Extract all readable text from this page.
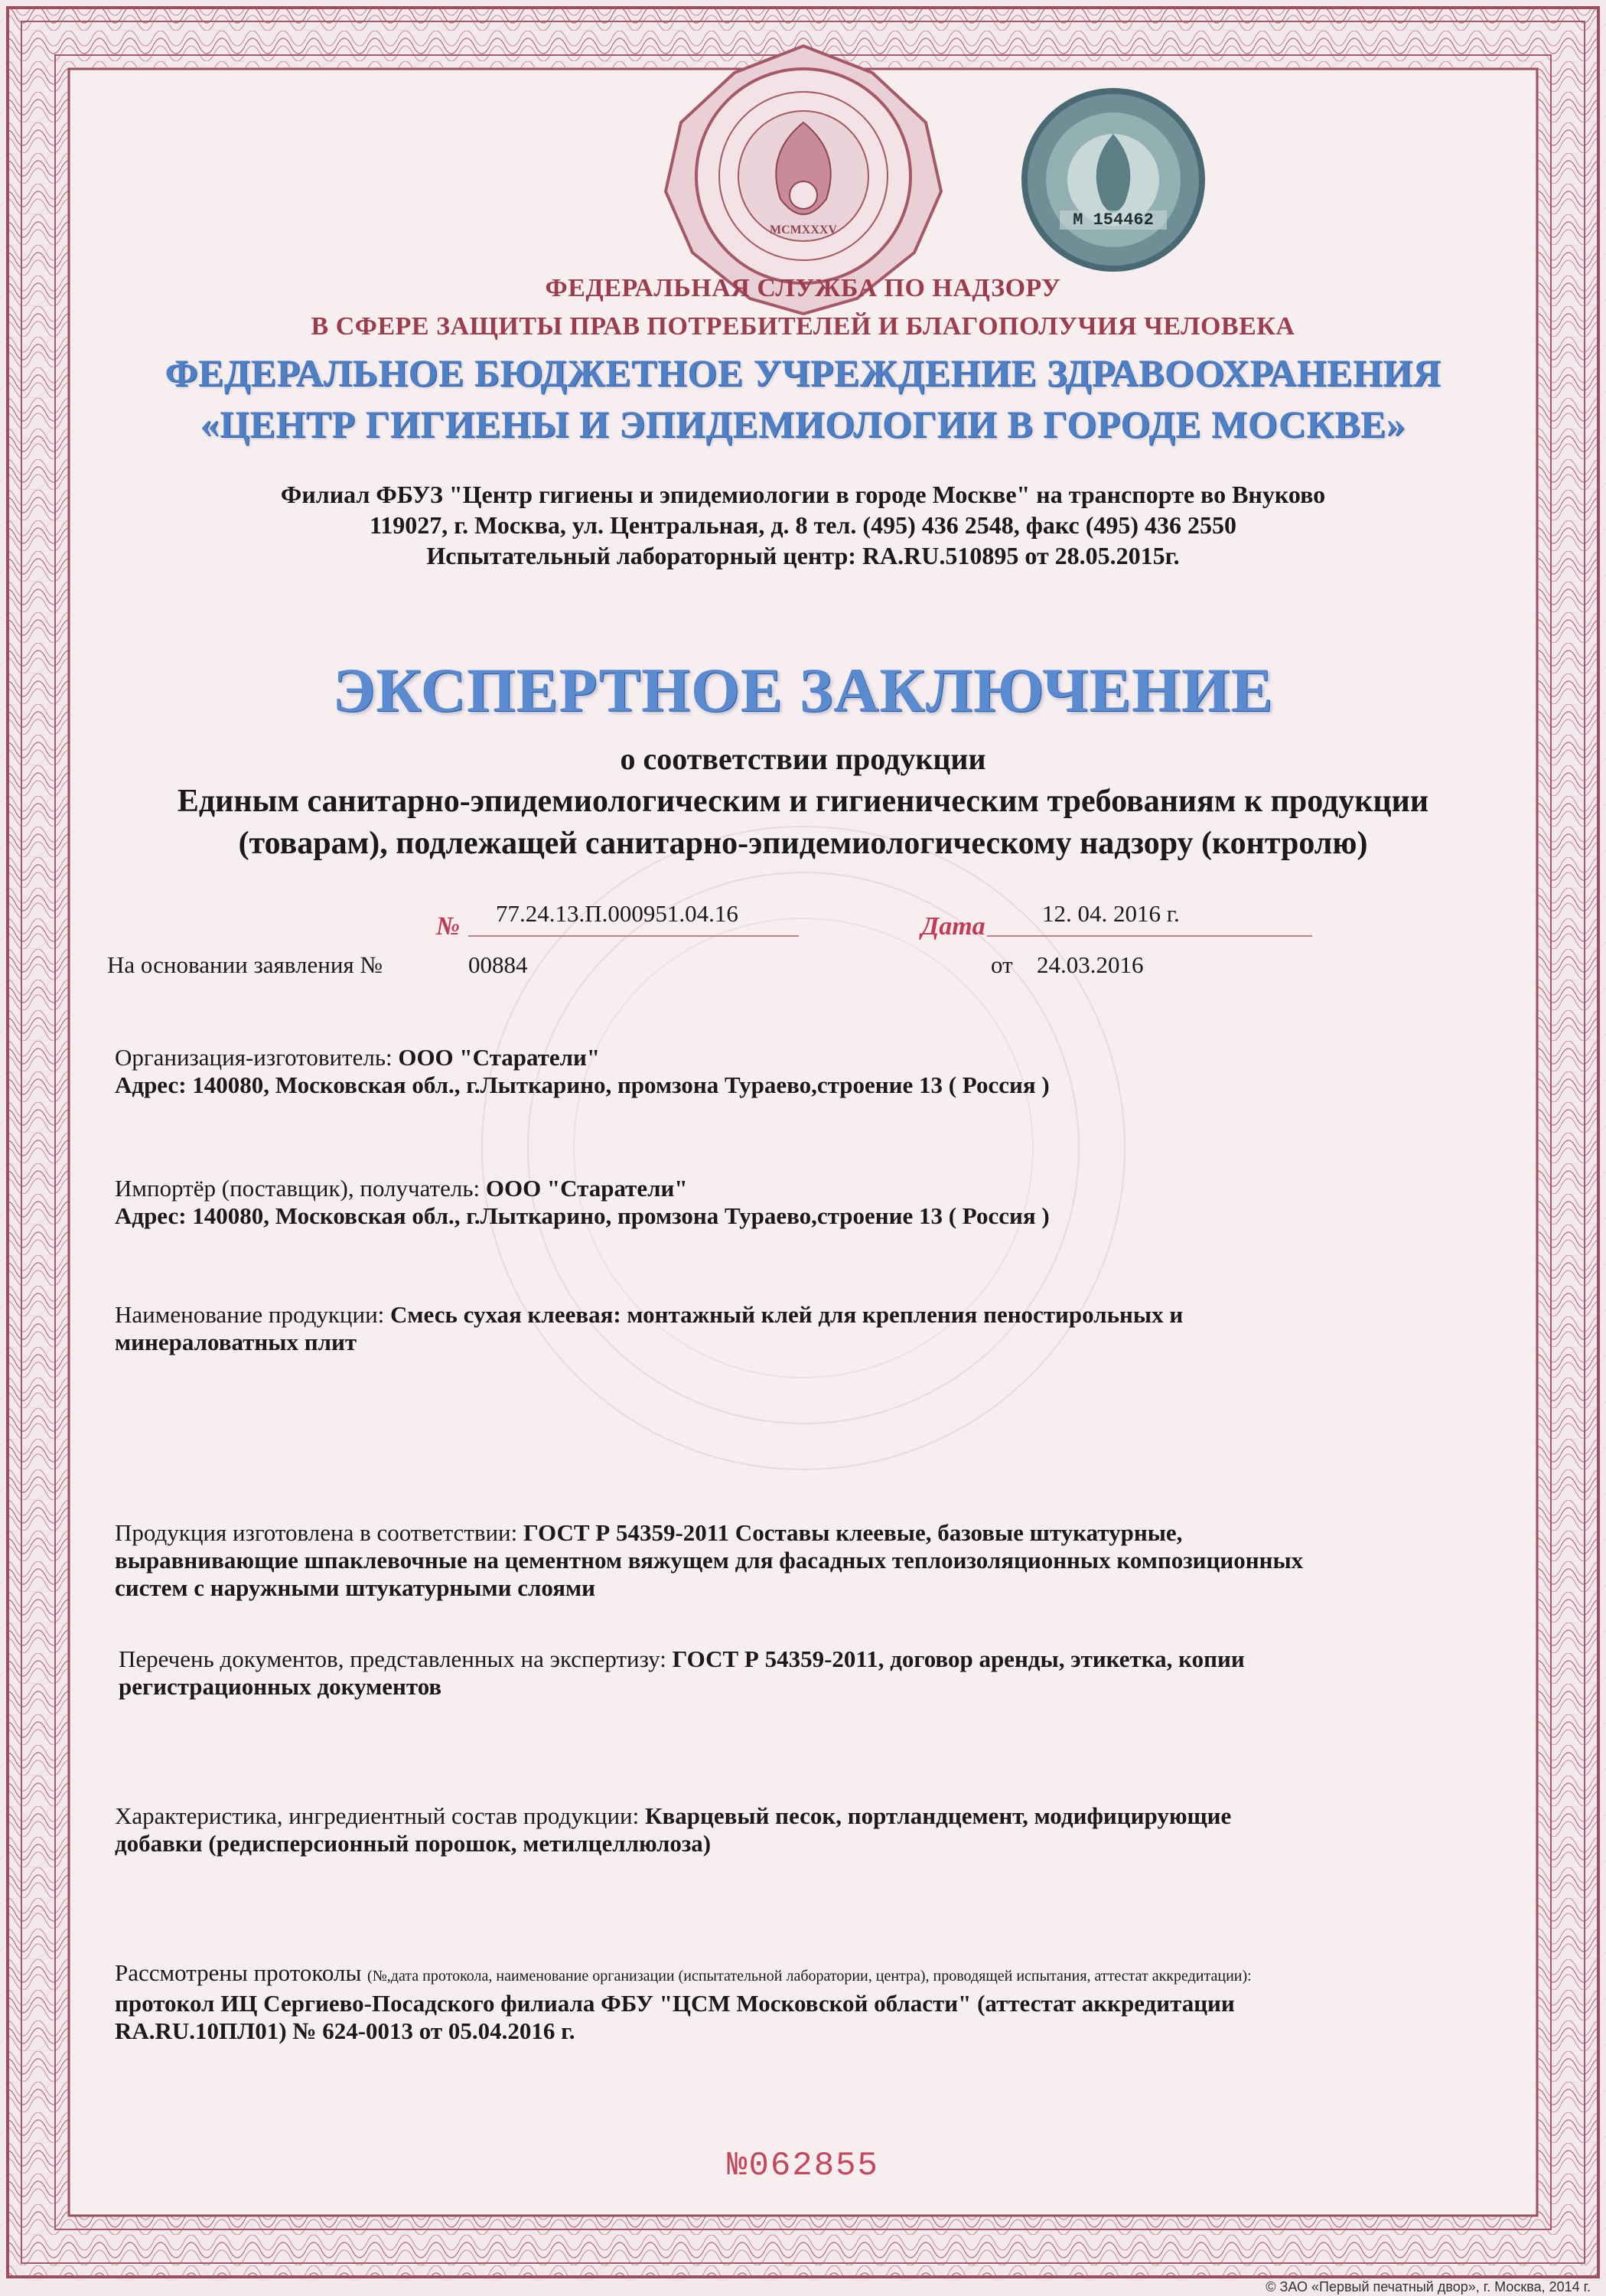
MCMXXXV
M 154462
ФЕДЕРАЛЬНАЯ СЛУЖБА ПО НАДЗОРУ
В СФЕРЕ ЗАЩИТЫ ПРАВ ПОТРЕБИТЕЛЕЙ И БЛАГОПОЛУЧИЯ ЧЕЛОВЕКА
ФЕДЕРАЛЬНОЕ БЮДЖЕТНОЕ УЧРЕЖДЕНИЕ ЗДРАВООХРАНЕНИЯ
«ЦЕНТР ГИГИЕНЫ И ЭПИДЕМИОЛОГИИ В ГОРОДЕ МОСКВЕ»
Филиал ФБУЗ "Центр гигиены и эпидемиологии в городе Москве" на транспорте во Внуково
119027, г. Москва, ул. Центральная, д. 8 тел. (495) 436 2548, факс (495) 436 2550
Испытательный лабораторный центр: RA.RU.510895 от 28.05.2015г.
ЭКСПЕРТНОЕ ЗАКЛЮЧЕНИЕ
о соответствии продукции
Единым санитарно-эпидемиологическим и гигиеническим требованиям к продукции
(товарам), подлежащей санитарно-эпидемиологическому надзору (контролю)
№ 77.24.13.П.000951.04.16	Дата 12. 04. 2016 г.
На основании заявления №	00884	от 24.03.2016
Организация-изготовитель: ООО "Старатели"
Адрес: 140080, Московская обл., г.Лыткарино, промзона Тураево,строение 13 ( Россия )
Импортёр (поставщик), получатель: ООО "Старатели"
Адрес: 140080, Московская обл., г.Лыткарино, промзона Тураево,строение 13 ( Россия )
Наименование продукции: Смесь сухая клеевая: монтажный клей для крепления пеностирольных и
минераловатных плит
Продукция изготовлена в соответствии: ГОСТ Р 54359-2011 Составы клеевые, базовые штукатурные,
выравнивающие шпаклевочные на цементном вяжущем для фасадных теплоизоляционных композиционных
систем с наружными штукатурными слоями
Перечень документов, представленных на экспертизу: ГОСТ Р 54359-2011, договор аренды, этикетка, копии
регистрационных документов
Характеристика, ингредиентный состав продукции: Кварцевый песок, портландцемент, модифицирующие
добавки (редисперсионный порошок, метилцеллюлоза)
Рассмотрены протоколы (№,дата протокола, наименование организации (испытательной лаборатории, центра), проводящей испытания, аттестат аккредитации):
протокол ИЦ Сергиево-Посадского филиала ФБУ "ЦСМ Московской области" (аттестат аккредитации
RA.RU.10ПЛ01) № 624-0013 от 05.04.2016 г.
№062855
© ЗАО «Первый печатный двор», г. Москва, 2014 г.
